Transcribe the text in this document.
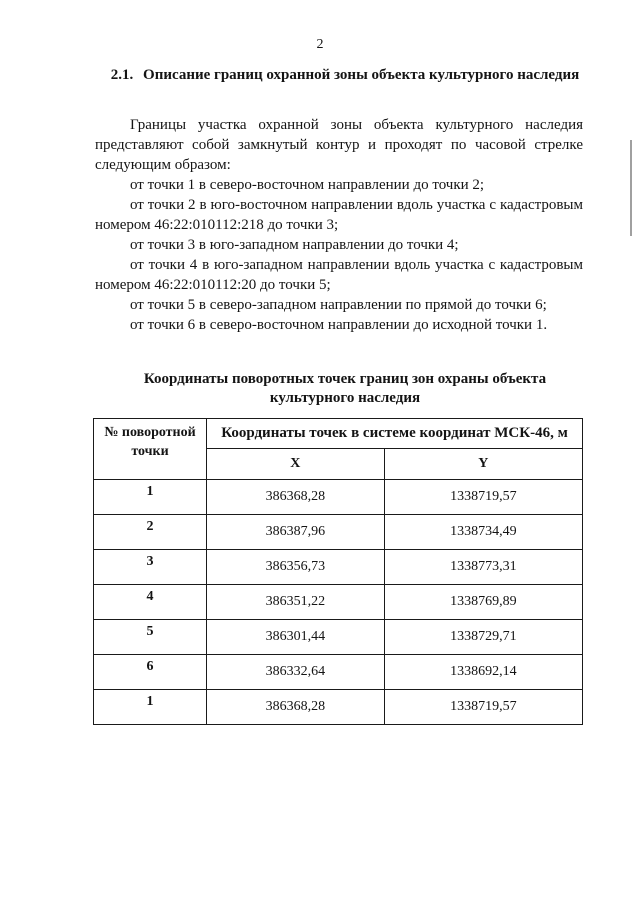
2
2.1. Описание границ охранной зоны объекта культурного наследия
Границы участка охранной зоны объекта культурного наследия представляют собой замкнутый контур и проходят по часовой стрелке следующим образом:
от точки 1 в северо-восточном направлении до точки 2;
от точки 2 в юго-восточном направлении вдоль участка с кадастровым номером 46:22:010112:218 до точки 3;
от точки 3 в юго-западном направлении до точки 4;
от точки 4 в юго-западном направлении вдоль участка с кадастровым номером 46:22:010112:20 до точки 5;
от точки 5 в северо-западном направлении по прямой до точки 6;
от точки 6 в северо-восточном направлении до исходной точки 1.
Координаты поворотных точек границ зон охраны объекта культурного наследия
№ поворотной точки	Координаты точек в системе координат МСК-46, м	
	X	Y
1	386368,28	1338719,57
2	386387,96	1338734,49
3	386356,73	1338773,31
4	386351,22	1338769,89
5	386301,44	1338729,71
6	386332,64	1338692,14
1	386368,28	1338719,57
